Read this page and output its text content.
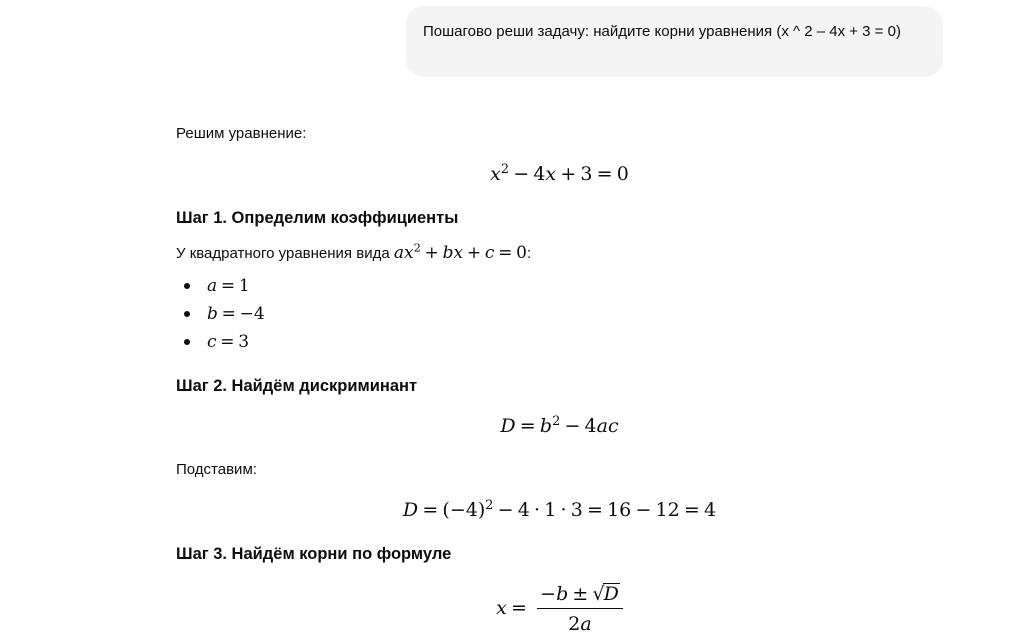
Пошагово реши задачу: найдите корни уравнения (x ^ 2 – 4x + 3 = 0)
Решим уравнение:
$x^2 - 4x + 3 = 0$
Шаг 1. Определим коэффициенты
У квадратного уравнения вида $ax^2$ + bx + c = 0:
a = 1
b = −4
c = 3
Шаг 2. Найдём дискриминант
$D = b^2 - 4ac$
Подставим:
$D = (-4)^2 - 4 \cdot 1 \cdot 3 = 16 - 12 = 4$
Шаг 3. Найдём корни по формуле
$x = \frac{-b \pm √D}{2a}$
